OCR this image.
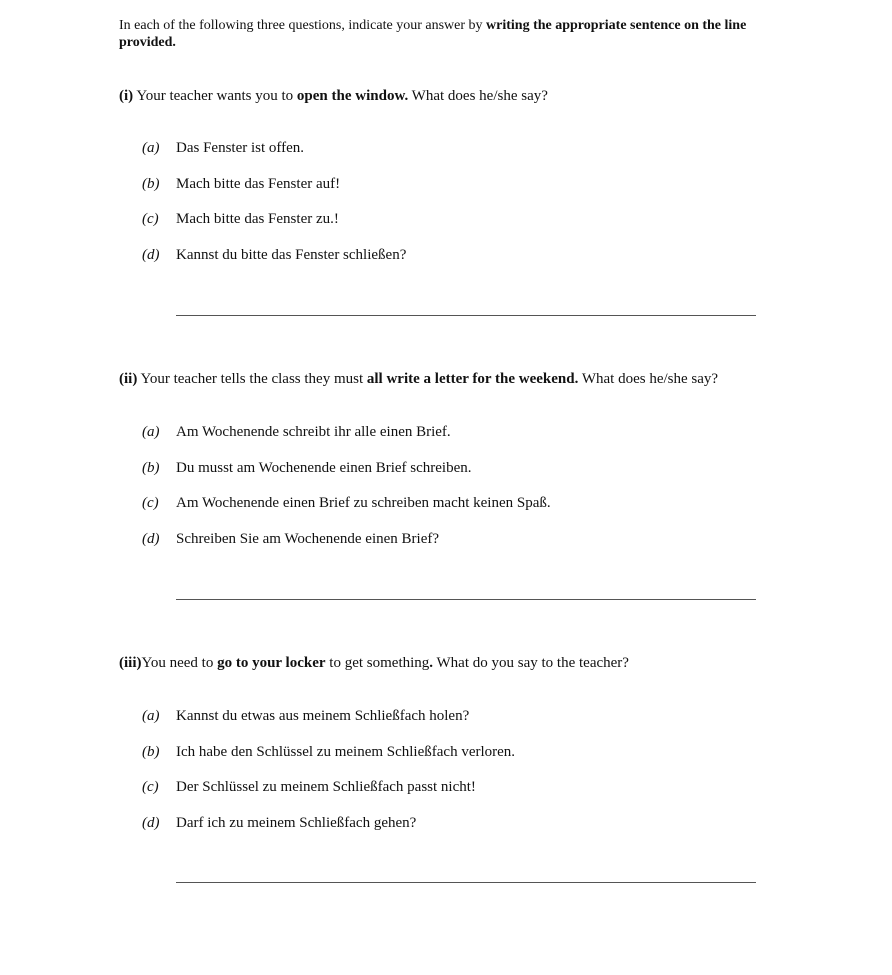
In each of the following three questions, indicate your answer by writing the appropriate sentence on the line provided.
(i) Your teacher wants you to open the window. What does he/she say?
(a) Das Fenster ist offen.
(b) Mach bitte das Fenster auf!
(c) Mach bitte das Fenster zu.!
(d) Kannst du bitte das Fenster schließen?
(ii) Your teacher tells the class they must all write a letter for the weekend. What does he/she say?
(a) Am Wochenende schreibt ihr alle einen Brief.
(b) Du musst am Wochenende einen Brief schreiben.
(c) Am Wochenende einen Brief zu schreiben macht keinen Spaß.
(d) Schreiben Sie am Wochenende einen Brief?
(iii)You need to go to your locker to get something. What do you say to the teacher?
(a) Kannst du etwas aus meinem Schließfach holen?
(b) Ich habe den Schlüssel zu meinem Schließfach verloren.
(c) Der Schlüssel zu meinem Schließfach passt nicht!
(d) Darf ich zu meinem Schließfach gehen?
